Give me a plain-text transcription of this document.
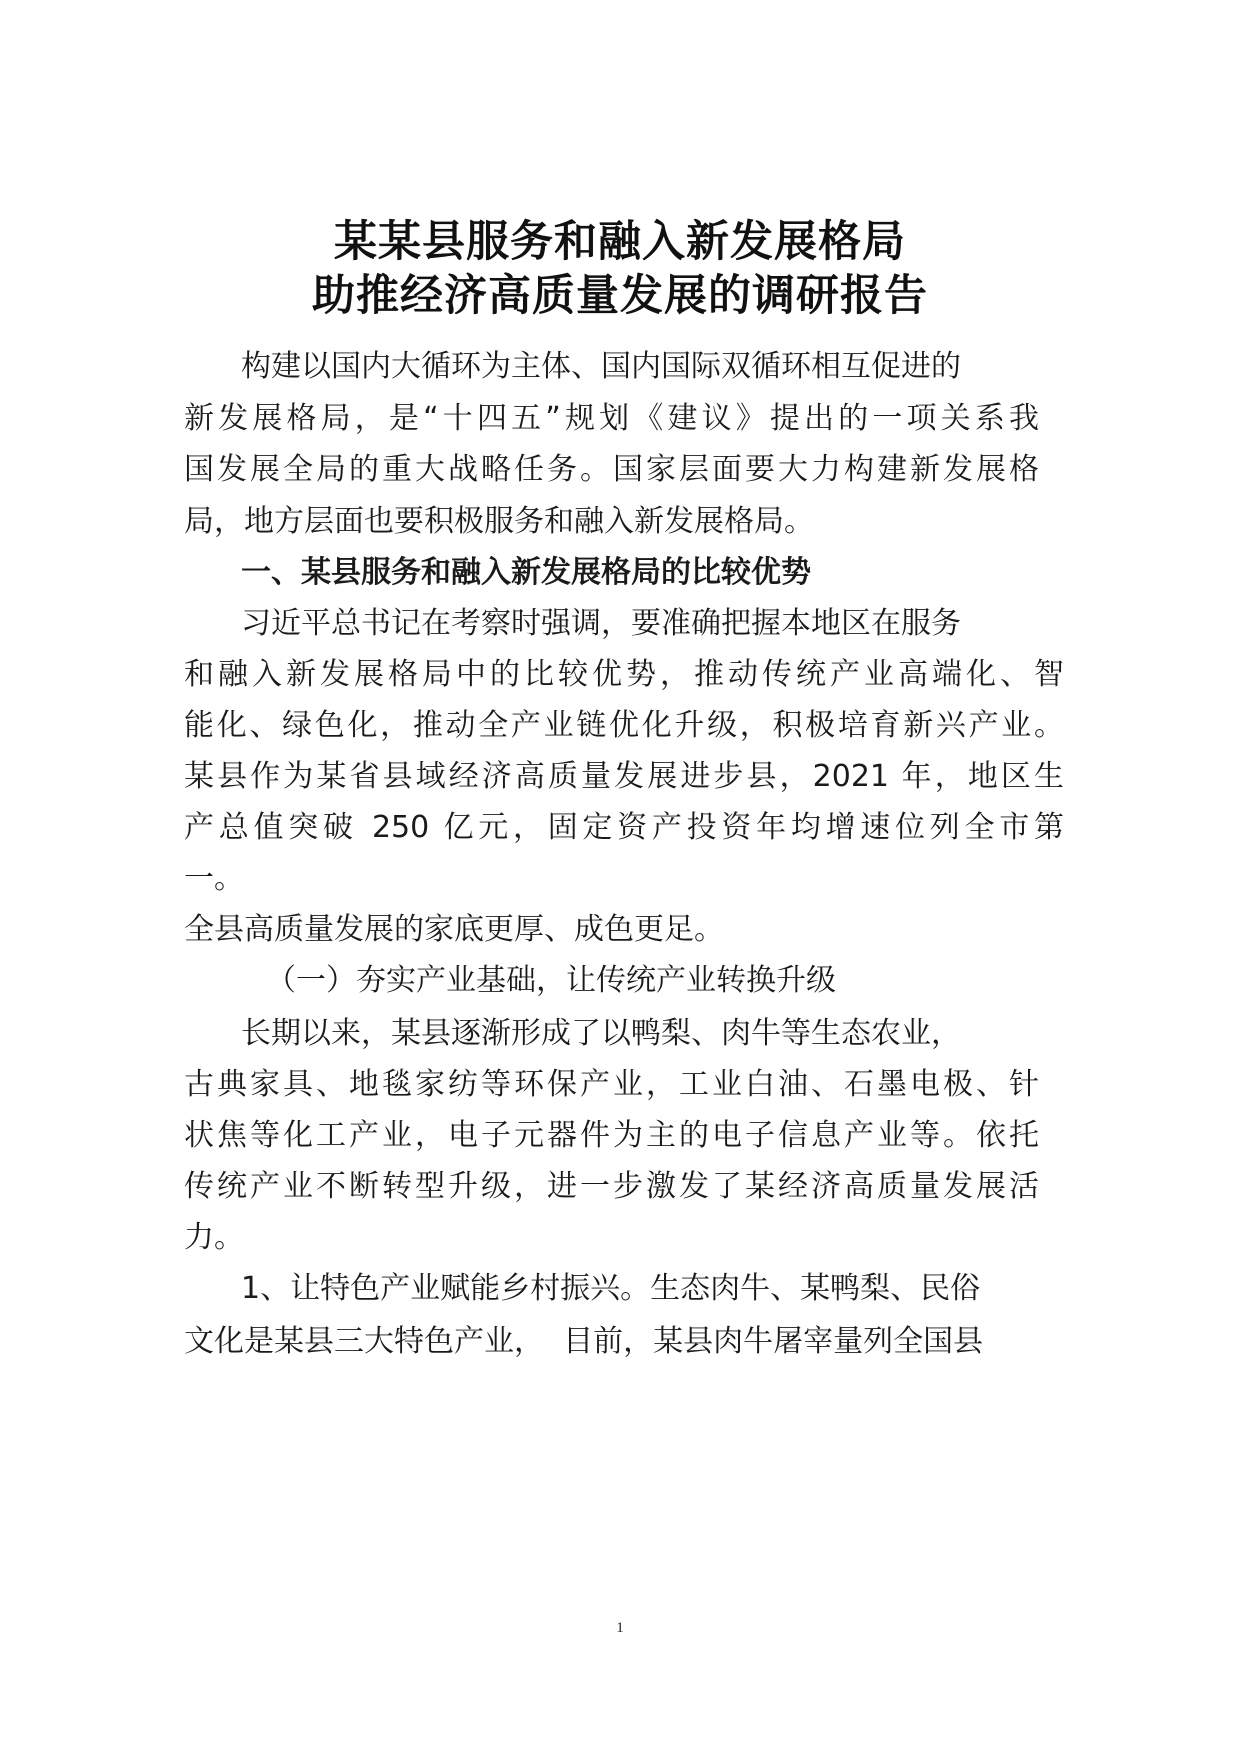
某某县服务和融入新发展格局
助推经济高质量发展的调研报告
构建以国内大循环为主体、国内国际双循环相互促进的
新发展格局，是“十四五”规划《建议》提出的一项关系我
国发展全局的重大战略任务。国家层面要大力构建新发展格
局，地方层面也要积极服务和融入新发展格局。
一、某县服务和融入新发展格局的比较优势
习近平总书记在考察时强调，要准确把握本地区在服务
和融入新发展格局中的比较优势，推动传统产业高端化、智
能化、绿色化，推动全产业链优化升级，积极培育新兴产业。
某县作为某省县域经济高质量发展进步县，2021 年，地区生
产总值突破 250 亿元，固定资产投资年均增速位列全市第
一。
全县高质量发展的家底更厚、成色更足。
（一）夯实产业基础，让传统产业转换升级
长期以来，某县逐渐形成了以鸭梨、肉牛等生态农业，
古典家具、地毯家纺等环保产业，工业白油、石墨电极、针
状焦等化工产业，电子元器件为主的电子信息产业等。依托
传统产业不断转型升级，进一步激发了某经济高质量发展活
力。
1、让特色产业赋能乡村振兴。生态肉牛、某鸭梨、民俗
文化是某县三大特色产业，  目前，某县肉牛屠宰量列全国县
1
